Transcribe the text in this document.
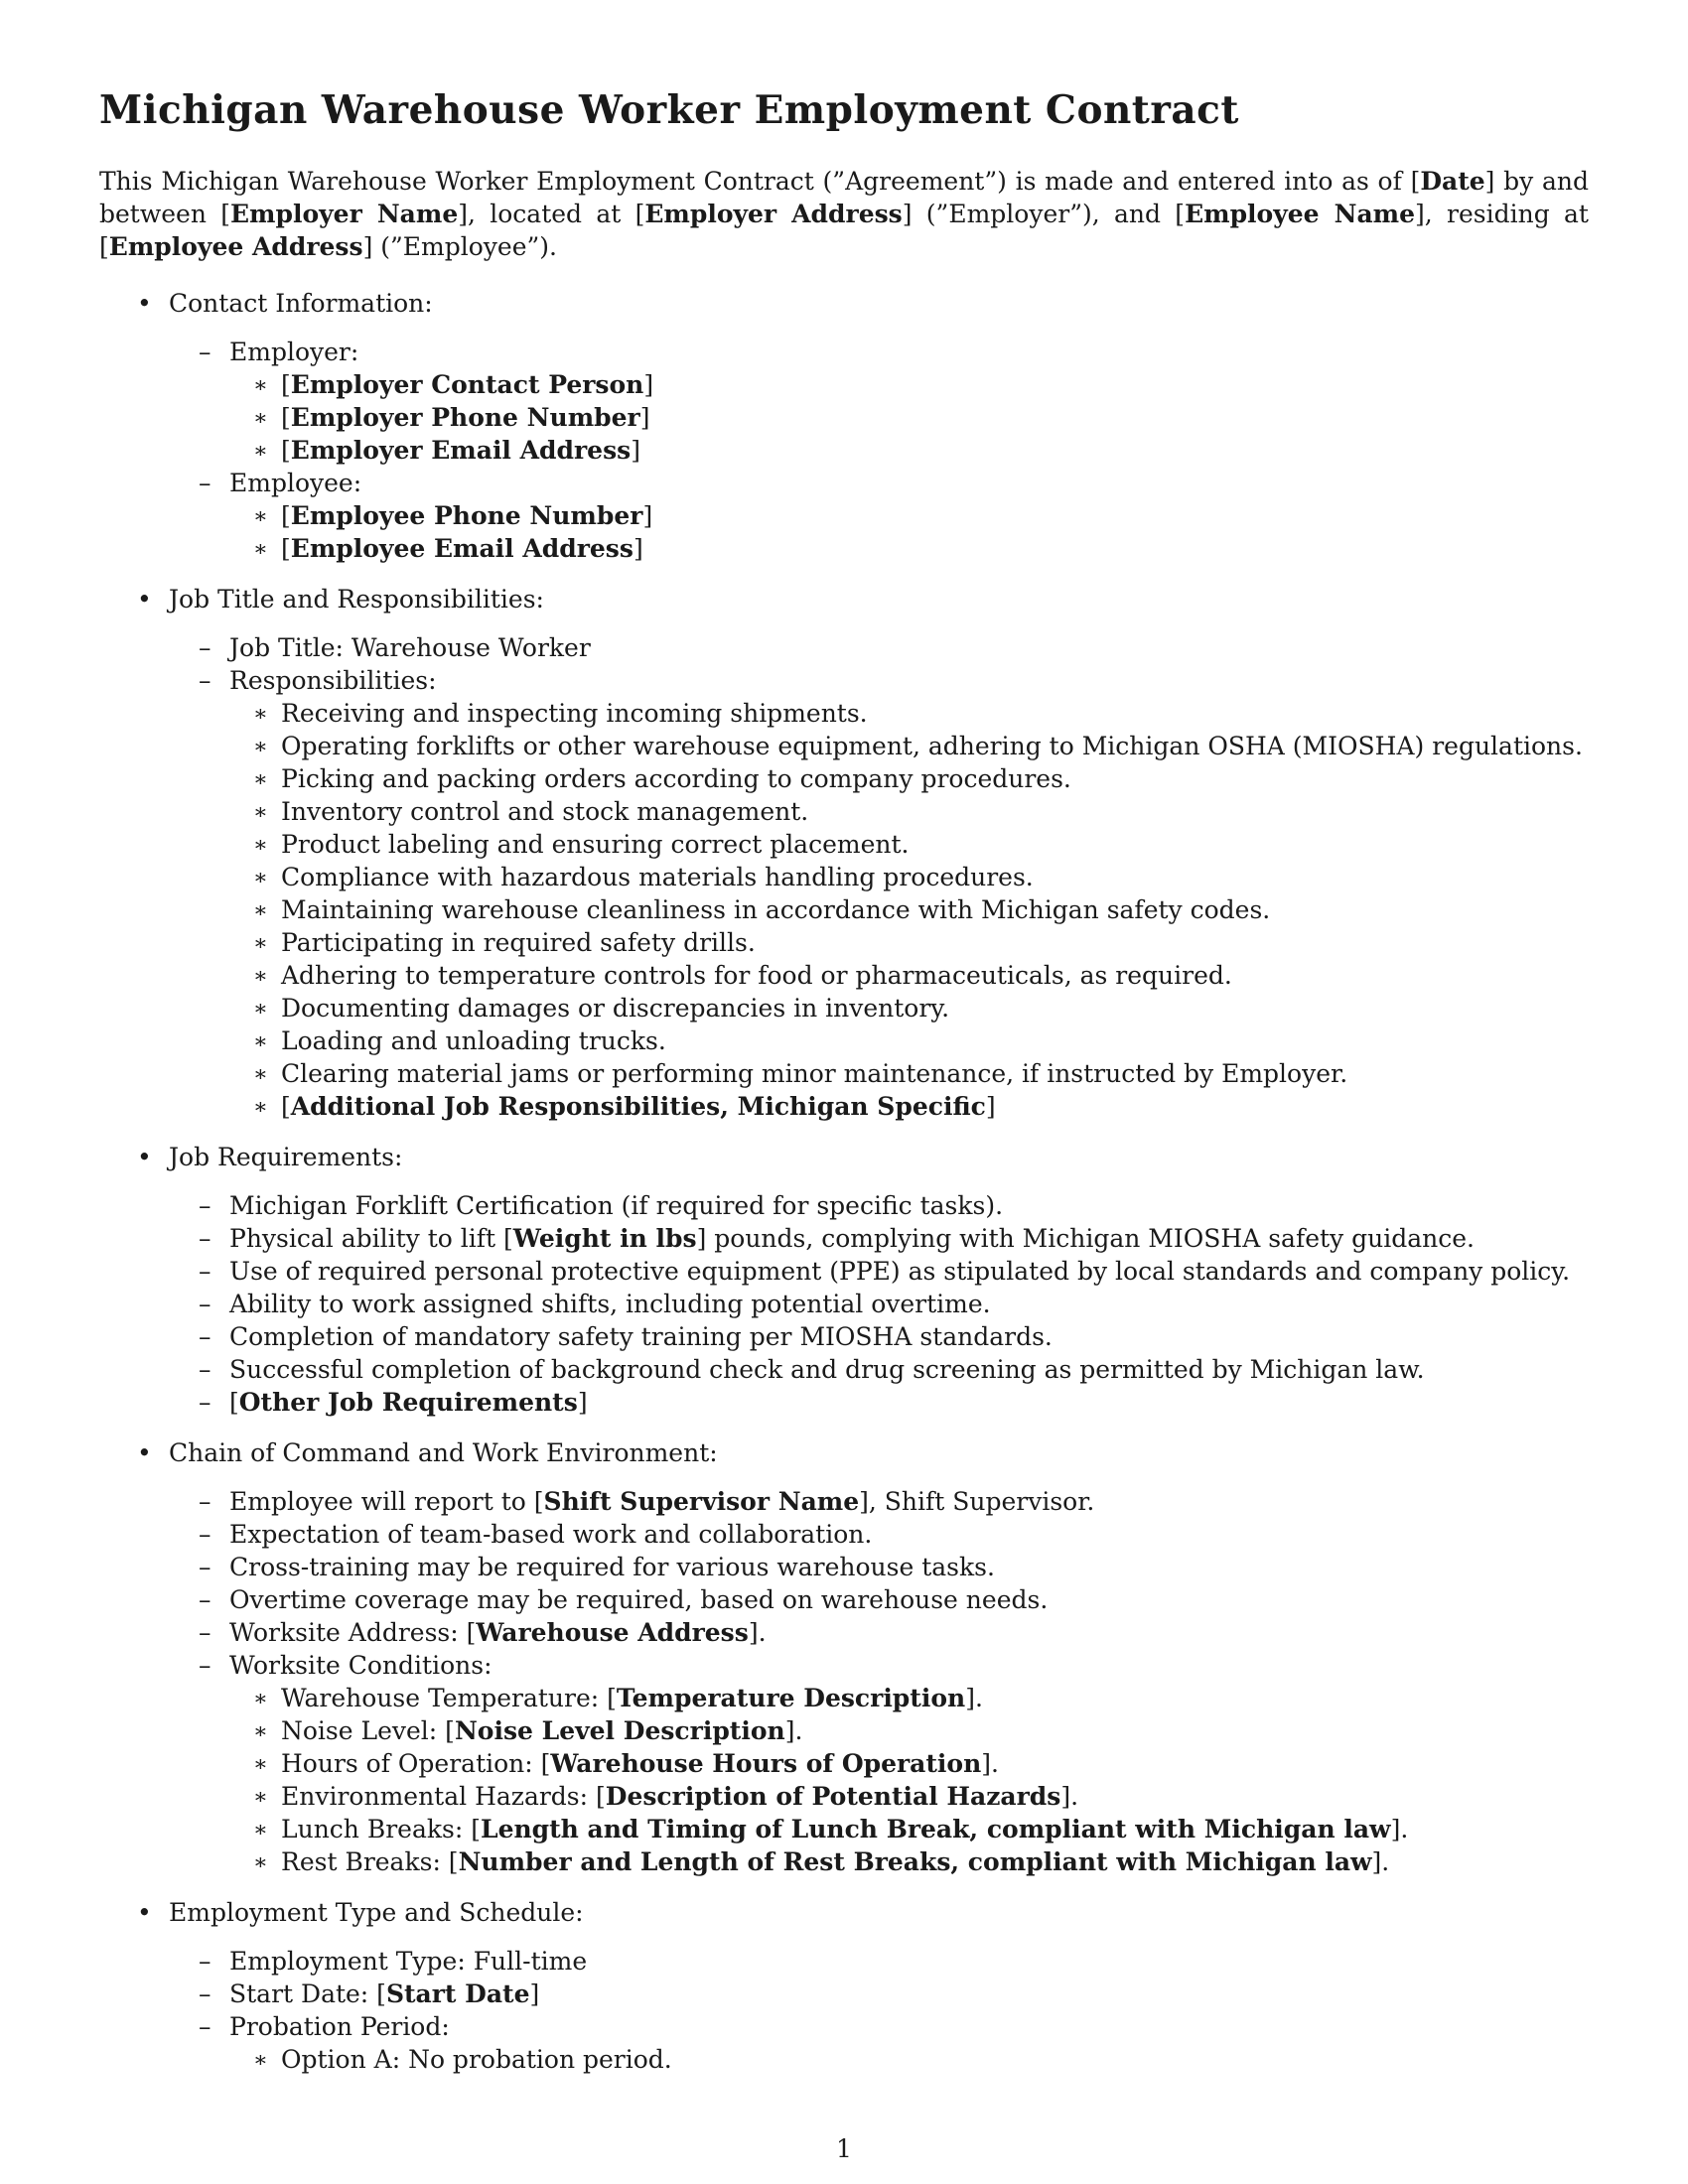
Michigan Warehouse Worker Employment Contract

This Michigan Warehouse Worker Employment Contract (”Agreement”) is made and entered into as of [Date] by and between [Employer Name], located at [Employer Address] (”Employer”), and [Employee Name], residing at [Employee Address] (”Employee”).

• Contact Information:
– Employer:
∗ [Employer Contact Person]
∗ [Employer Phone Number]
∗ [Employer Email Address]
– Employee:
∗ [Employee Phone Number]
∗ [Employee Email Address]
• Job Title and Responsibilities:
– Job Title: Warehouse Worker
– Responsibilities:
∗ Receiving and inspecting incoming shipments.
∗ Operating forklifts or other warehouse equipment, adhering to Michigan OSHA (MIOSHA) regulations.
∗ Picking and packing orders according to company procedures.
∗ Inventory control and stock management.
∗ Product labeling and ensuring correct placement.
∗ Compliance with hazardous materials handling procedures.
∗ Maintaining warehouse cleanliness in accordance with Michigan safety codes.
∗ Participating in required safety drills.
∗ Adhering to temperature controls for food or pharmaceuticals, as required.
∗ Documenting damages or discrepancies in inventory.
∗ Loading and unloading trucks.
∗ Clearing material jams or performing minor maintenance, if instructed by Employer.
∗ [Additional Job Responsibilities, Michigan Specific]
• Job Requirements:
– Michigan Forklift Certification (if required for specific tasks).
– Physical ability to lift [Weight in lbs] pounds, complying with Michigan MIOSHA safety guidance.
– Use of required personal protective equipment (PPE) as stipulated by local standards and company policy.
– Ability to work assigned shifts, including potential overtime.
– Completion of mandatory safety training per MIOSHA standards.
– Successful completion of background check and drug screening as permitted by Michigan law.
– [Other Job Requirements]
• Chain of Command and Work Environment:
– Employee will report to [Shift Supervisor Name], Shift Supervisor.
– Expectation of team-based work and collaboration.
– Cross-training may be required for various warehouse tasks.
– Overtime coverage may be required, based on warehouse needs.
– Worksite Address: [Warehouse Address].
– Worksite Conditions:
∗ Warehouse Temperature: [Temperature Description].
∗ Noise Level: [Noise Level Description].
∗ Hours of Operation: [Warehouse Hours of Operation].
∗ Environmental Hazards: [Description of Potential Hazards].
∗ Lunch Breaks: [Length and Timing of Lunch Break, compliant with Michigan law].
∗ Rest Breaks: [Number and Length of Rest Breaks, compliant with Michigan law].
• Employment Type and Schedule:
– Employment Type: Full-time
– Start Date: [Start Date]
– Probation Period:
∗ Option A: No probation period.
1
